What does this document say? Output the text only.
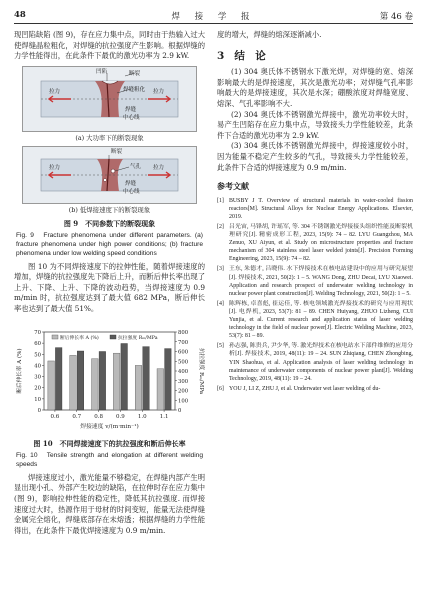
48	焊 接 学 报	第 46 卷

现凹陷缺陷 (图 9)，存在应力集中点，同时由于热输入过大使焊缝晶粒粗化，对焊缝的抗拉强度产生影响。根据焊缝的力学性能得出，在此条件下最优的激光功率为 2.9 kW.

凹陷	断裂
拉力	拉力
焊缝粗化
焊缝
中心线
(a) 大功率下的断裂现象
断裂
拉力	拉力
气孔
焊缝
中心线
(b) 低焊接速度下的断裂现象
图 9　不同参数下的断裂现象

Fig. 9　Fracture phenomena under different parameters. (a) fracture phenomena under high power conditions; (b) fracture phenomena under low welding speed conditions

图 10 为不同焊接速度下的拉伸性能，随着焊接速度的增加，焊缝的抗拉强度先下降后上升，而断后伸长率出现了上升、下降、上升、下降的波动趋势，当焊接速度为 0.9 m/min 时，抗拉强度达到了最大值 682 MPa，断后伸长率也达到了最大值 51%。

0
10
20
30
40
50
60
70
0
100
200
300
400
500
600
700
800
0.6 0.7 0.8 0.9 1.0 1.1
断后伸长率 A (%)	抗拉强度 Rₘ/MPa
焊接速度 v/(m·min⁻¹)
断后伸长率 A (%)	抗拉强度 Rₘ/MPa
图 10　不同焊接速度下的抗拉强度和断后伸长率

Fig. 10　Tensile strength and elongation at different welding speeds

焊接速度过小，激光能量不够稳定，在焊缝内部产生明显出现小孔、外部产生咬边的缺陷，在拉伸时存在应力集中 (图 9)，影响拉伸性能的稳定性，降低其抗拉强度. 而焊接速度过大时，热源作用于母材的时间变短，能量无法使焊缝金属完全熔化，焊缝底部存在未熔透；根据焊缝的力学性能得出，在此条件下最优焊接速度为 0.9 m/min.

度的增大，焊缝的熔深逐渐减小.

3 结　论

(1) 304 奥氏体不锈钢水下激光焊，对焊缝的宽、熔深影响最大的是焊接速度，其次是激光功率；对焊缝气孔率影响最大的是焊接速度，其次是水深；硼酸浓度对焊缝宽度、熔深、气孔率影响不大.

(2) 304 奥氏体不锈钢激光焊接中，激光功率较大时，易产生凹陷存在应力集中点，导致接头力学性能较差，此条件下合适的激光功率为 2.9 kW.

(3) 304 奥氏体不锈钢激光焊接中，焊接速度较小时，因为能量不稳定产生较多的气孔，导致接头力学性能较差，此条件下合适的焊接速度为 0.9 m/min.

参考文献

[1] BUSBY J T. Overview of structural materials in water-cooled fission reactors[M]. Structural Alloys for Nuclear Energy Applications. Elsevier, 2019.

[2] 吕光宙, 马锋胡, 许瑶军, 等. 304 不锈钢激光焊接接头组织性能及断裂机理研究[J]. 精密成形工程, 2023, 15(9): 74 – 82. LYU Guangzhou, MA Zenuo, XU Aiyun, et al. Study on microstructure properties and fracture mechanism of 304 stainless steel laser welded joints[J]. Precision Forming Engineering, 2023, 15(9): 74 – 82.

[3] 王东, 朱德才, 吕晓伟. 水下焊接技术在核电站建设中的应用与研究展望[J]. 焊接技术, 2021, 50(2): 1 – 5. WANG Dong, ZHU Decai, LYU Xiaowei. Application and research prospect of underwater welding technology in nuclear power plant construction[J]. Welding Technology, 2021, 50(2): 1 – 5.

[4] 陈辉栋, 卓喜彪, 崔运佳, 等. 核电领域激光焊接技术的研究与应用现状[J]. 电焊机, 2023, 53(7): 81 – 89. CHEN Huiyang, ZHUO Lizheng, CUI Yunjia, et al. Current research and application status of laser welding technology in the field of nuclear power[J]. Electric Welding Machine, 2023, 53(7): 81 – 89.

[5] 孙志强, 陈贵兵, 尹少华, 等. 激光焊技术在核电站水下部件维修的应用分析[J]. 焊接技术, 2019, 48(11): 19 – 24. SUN Zhiqiang, CHEN Zhongbing, YIN Shaohua, et al. Application analysis of laser welding technology in maintenance of underwater components of nuclear power plant[J]. Welding Technology, 2019, 48(11): 19 – 24.

[6] YOU J, LI Z, ZHU J, et al. Underwater wet laser welding of du-
